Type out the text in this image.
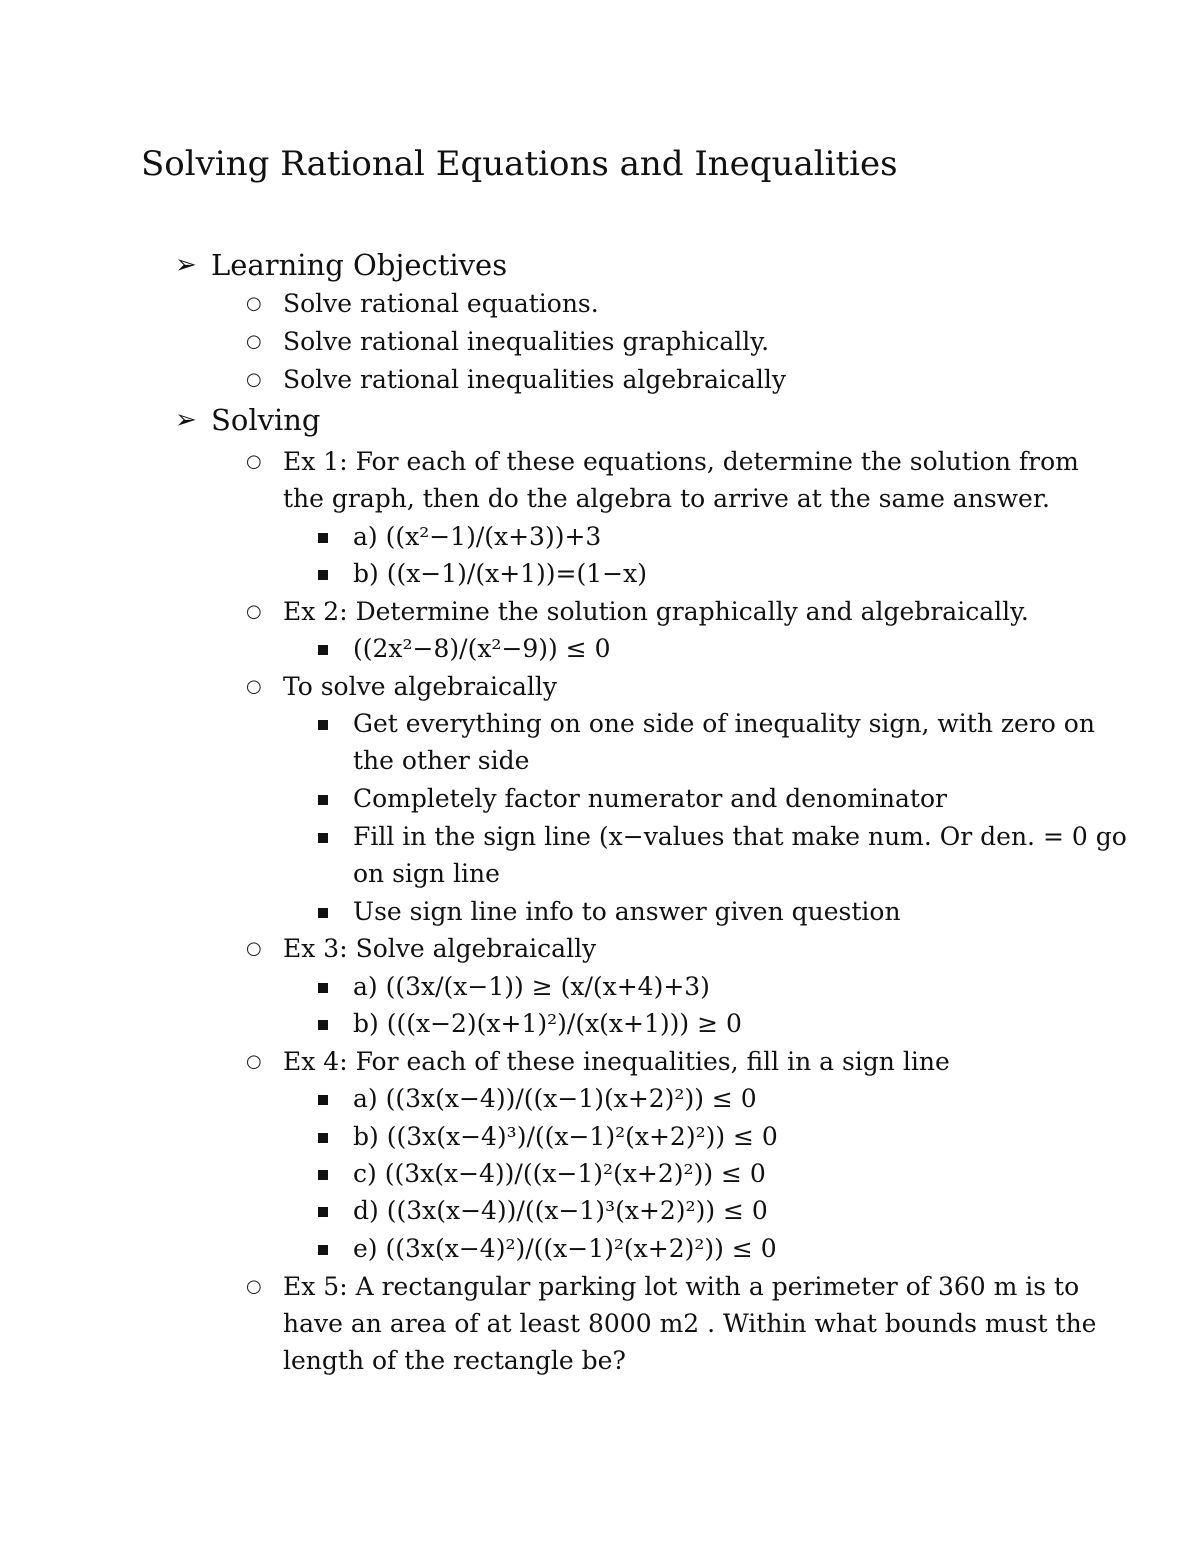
Solving Rational Equations and Inequalities
➢ Learning Objectives
○ Solve rational equations.
○ Solve rational inequalities graphically.
○ Solve rational inequalities algebraically
➢ Solving
○ Ex 1: For each of these equations, determine the solution from
the graph, then do the algebra to arrive at the same answer.
a) ((x²−1)/(x+3))+3
b) ((x−1)/(x+1))=(1−x)
○ Ex 2: Determine the solution graphically and algebraically.
((2x²−8)/(x²−9)) ≤ 0
○ To solve algebraically
Get everything on one side of inequality sign, with zero on
the other side
Completely factor numerator and denominator
Fill in the sign line (x−values that make num. Or den. = 0 go
on sign line
Use sign line info to answer given question
○ Ex 3: Solve algebraically
a) ((3x/(x−1)) ≥ (x/(x+4)+3)
b) (((x−2)(x+1)²)/(x(x+1))) ≥ 0
○ Ex 4: For each of these inequalities, fill in a sign line
a) ((3x(x−4))/((x−1)(x+2)²)) ≤ 0
b) ((3x(x−4)³)/((x−1)²(x+2)²)) ≤ 0
c) ((3x(x−4))/((x−1)²(x+2)²)) ≤ 0
d) ((3x(x−4))/((x−1)³(x+2)²)) ≤ 0
e) ((3x(x−4)²)/((x−1)²(x+2)²)) ≤ 0
○ Ex 5: A rectangular parking lot with a perimeter of 360 m is to
have an area of at least 8000 m2 . Within what bounds must the
length of the rectangle be?
